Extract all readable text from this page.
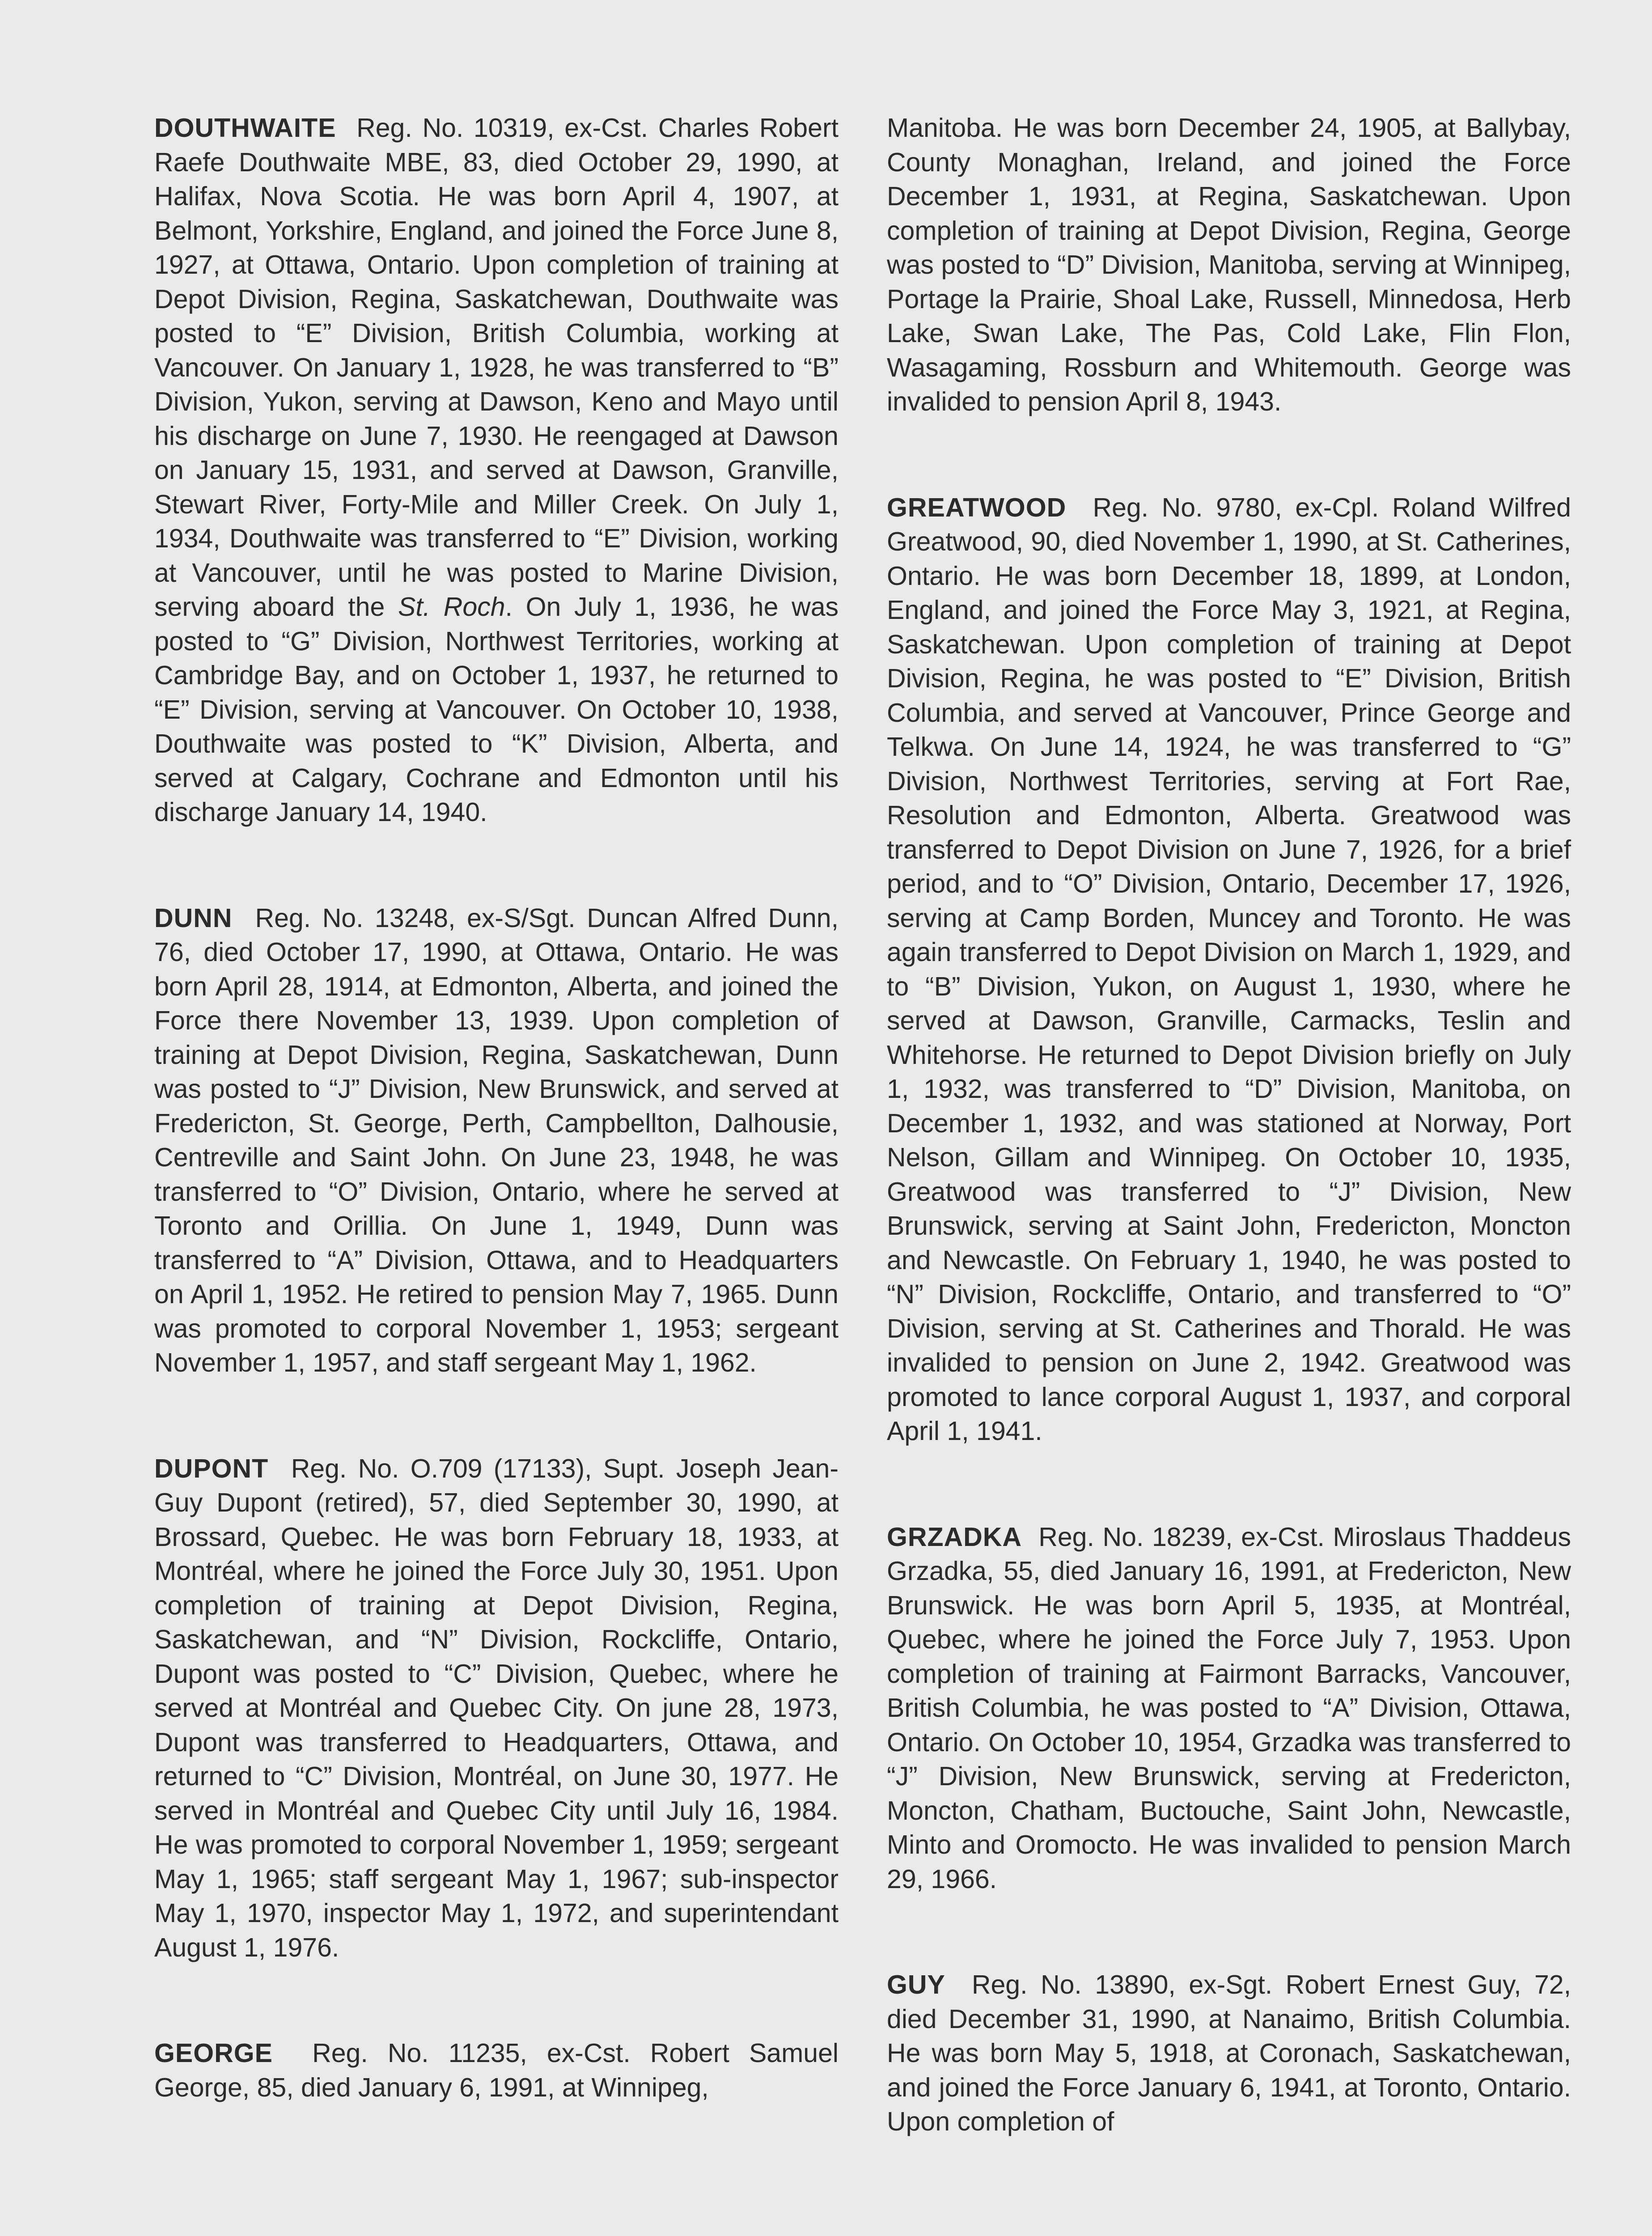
DOUTHWAITE Reg. No. 10319, ex-Cst. Charles Robert Raefe Douthwaite MBE, 83, died October 29, 1990, at Halifax, Nova Scotia. He was born April 4, 1907, at Belmont, Yorkshire, England, and joined the Force June 8, 1927, at Ottawa, Ontario. Upon completion of training at Depot Division, Regina, Saskatchewan, Douthwaite was posted to “E” Division, British Columbia, working at Vancouver. On January 1, 1928, he was transferred to “B” Division, Yukon, serving at Dawson, Keno and Mayo until his discharge on June 7, 1930. He reengaged at Dawson on January 15, 1931, and served at Dawson, Granville, Stewart River, Forty-Mile and Miller Creek. On July 1, 1934, Douthwaite was transferred to “E” Division, working at Vancouver, until he was posted to Marine Division, serving aboard the St. Roch. On July 1, 1936, he was posted to “G” Division, Northwest Territories, working at Cambridge Bay, and on October 1, 1937, he returned to “E” Division, serving at Vancouver. On October 10, 1938, Douthwaite was posted to “K” Division, Alberta, and served at Calgary, Cochrane and Edmonton until his discharge January 14, 1940.

DUNN Reg. No. 13248, ex-S/Sgt. Duncan Alfred Dunn, 76, died October 17, 1990, at Ottawa, Ontario. He was born April 28, 1914, at Edmonton, Alberta, and joined the Force there November 13, 1939. Upon completion of training at Depot Division, Regina, Saskatchewan, Dunn was posted to “J” Division, New Brunswick, and served at Fredericton, St. George, Perth, Campbellton, Dalhousie, Centreville and Saint John. On June 23, 1948, he was transferred to “O” Division, Ontario, where he served at Toronto and Orillia. On June 1, 1949, Dunn was transferred to “A” Division, Ottawa, and to Headquarters on April 1, 1952. He retired to pension May 7, 1965. Dunn was promoted to corporal November 1, 1953; sergeant November 1, 1957, and staff sergeant May 1, 1962.

DUPONT Reg. No. O.709 (17133), Supt. Joseph Jean-Guy Dupont (retired), 57, died September 30, 1990, at Brossard, Quebec. He was born February 18, 1933, at Montréal, where he joined the Force July 30, 1951. Upon completion of training at Depot Division, Regina, Saskatchewan, and “N” Division, Rockcliffe, Ontario, Dupont was posted to “C” Division, Quebec, where he served at Montréal and Quebec City. On june 28, 1973, Dupont was transferred to Headquarters, Ottawa, and returned to “C” Division, Montréal, on June 30, 1977. He served in Montréal and Quebec City until July 16, 1984. He was promoted to corporal November 1, 1959; sergeant May 1, 1965; staff sergeant May 1, 1967; sub-inspector May 1, 1970, inspector May 1, 1972, and superintendant August 1, 1976.

GEORGE Reg. No. 11235, ex-Cst. Robert Samuel George, 85, died January 6, 1991, at Winnipeg,

Manitoba. He was born December 24, 1905, at Ballybay, County Monaghan, Ireland, and joined the Force December 1, 1931, at Regina, Saskatchewan. Upon completion of training at Depot Division, Regina, George was posted to “D” Division, Manitoba, serving at Winnipeg, Portage la Prairie, Shoal Lake, Russell, Minnedosa, Herb Lake, Swan Lake, The Pas, Cold Lake, Flin Flon, Wasagaming, Rossburn and Whitemouth. George was invalided to pension April 8, 1943.

GREATWOOD Reg. No. 9780, ex-Cpl. Roland Wilfred Greatwood, 90, died November 1, 1990, at St. Catherines, Ontario. He was born December 18, 1899, at London, England, and joined the Force May 3, 1921, at Regina, Saskatchewan. Upon completion of training at Depot Division, Regina, he was posted to “E” Division, British Columbia, and served at Vancouver, Prince George and Telkwa. On June 14, 1924, he was transferred to “G” Division, Northwest Territories, serving at Fort Rae, Resolution and Edmonton, Alberta. Greatwood was transferred to Depot Division on June 7, 1926, for a brief period, and to “O” Division, Ontario, December 17, 1926, serving at Camp Borden, Muncey and Toronto. He was again transferred to Depot Division on March 1, 1929, and to “B” Division, Yukon, on August 1, 1930, where he served at Dawson, Granville, Carmacks, Teslin and Whitehorse. He returned to Depot Division briefly on July 1, 1932, was transferred to “D” Division, Manitoba, on December 1, 1932, and was stationed at Norway, Port Nelson, Gillam and Winnipeg. On October 10, 1935, Greatwood was transferred to “J” Division, New Brunswick, serving at Saint John, Fredericton, Moncton and Newcastle. On February 1, 1940, he was posted to “N” Division, Rockcliffe, Ontario, and transferred to “O” Division, serving at St. Catherines and Thorald. He was invalided to pension on June 2, 1942. Greatwood was promoted to lance corporal August 1, 1937, and corporal April 1, 1941.

GRZADKA Reg. No. 18239, ex-Cst. Miroslaus Thaddeus Grzadka, 55, died January 16, 1991, at Fredericton, New Brunswick. He was born April 5, 1935, at Montréal, Quebec, where he joined the Force July 7, 1953. Upon completion of training at Fairmont Barracks, Vancouver, British Columbia, he was posted to “A” Division, Ottawa, Ontario. On October 10, 1954, Grzadka was transferred to “J” Division, New Brunswick, serving at Fredericton, Moncton, Chatham, Buctouche, Saint John, Newcastle, Minto and Oromocto. He was invalided to pension March 29, 1966.

GUY Reg. No. 13890, ex-Sgt. Robert Ernest Guy, 72, died December 31, 1990, at Nanaimo, British Columbia. He was born May 5, 1918, at Coronach, Saskatchewan, and joined the Force January 6, 1941, at Toronto, Ontario. Upon completion of
